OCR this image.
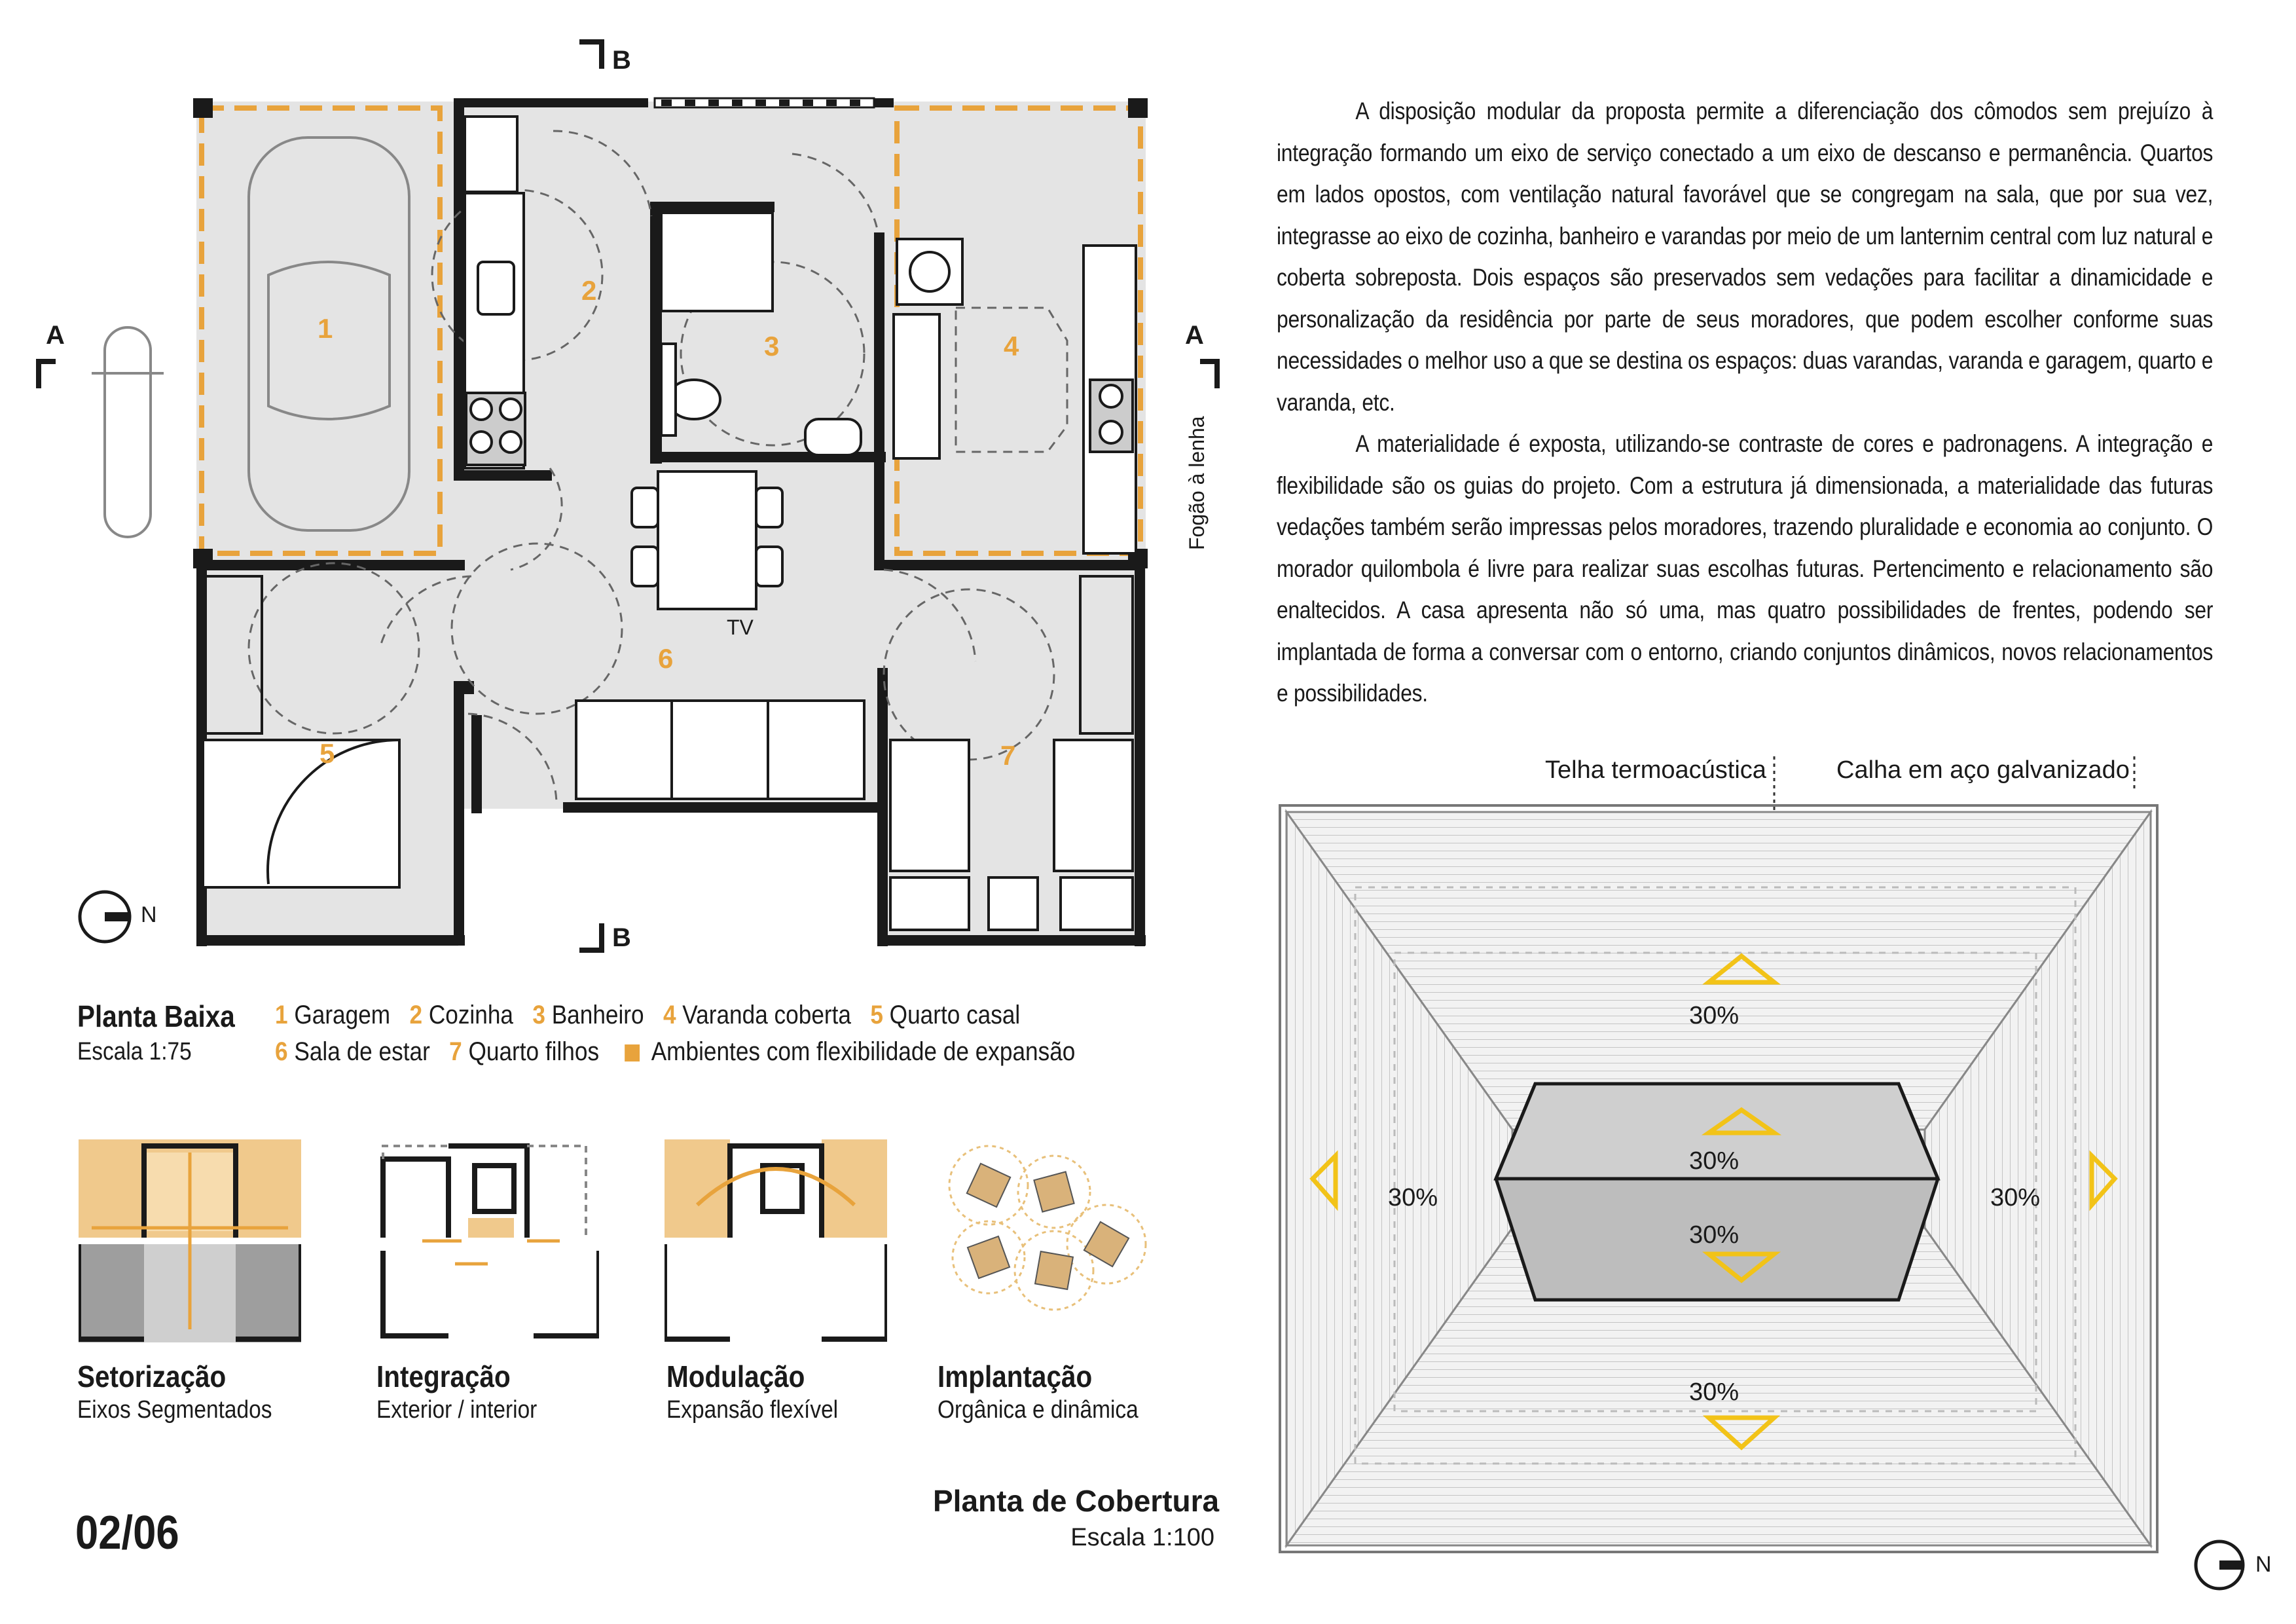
A	A
B
B
1
2
3	4
5
6
7
TV
Fogão à lenha
N
Planta Baixa
Escala 1:75
1 Garagem 2 Cozinha 3 Banheiro 4 Varanda coberta 5 Quarto casal
6 Sala de estar 7 Quarto filhos Ambientes com flexibilidade de expansão
Setorização
Eixos Segmentados
Integração
Exterior / interior
Modulação
Expansão flexível
Implantação
Orgânica e dinâmica
02/06
Planta de Cobertura
Escala 1:100

A disposição modular da proposta permite a diferenciação dos cômodos sem prejuízo à integração formando um eixo de serviço conectado a um eixo de descanso e permanência. Quartos em lados opostos, com ventilação natural favorável que se congregam na sala, que por sua vez, integrasse ao eixo de cozinha, banheiro e varandas por meio de um lanternim central com luz natural e coberta sobreposta. Dois espaços são preservados sem vedações para facilitar a dinamicidade e personalização da residência por parte de seus moradores, que podem escolher conforme suas necessidades o melhor uso a que se destina os espaços: duas varandas, varanda e garagem, quarto e varanda, etc.

A materialidade é exposta, utilizando-se contraste de cores e padronagens. A integração e flexibilidade são os guias do projeto. Com a estrutura já dimensionada, a materialidade das futuras vedações também serão impressas pelos moradores, trazendo pluralidade e economia ao conjunto. O morador quilombola é livre para realizar suas escolhas futuras. Pertencimento e relacionamento são enaltecidos. A casa apresenta não só uma, mas quatro possibilidades de frentes, podendo ser implantada de forma a conversar com o entorno, criando conjuntos dinâmicos, novos relacionamentos e possibilidades.

Telha termoacústica	Calha em aço galvanizado
30%
30%
30%
30%
30%	30%
N
